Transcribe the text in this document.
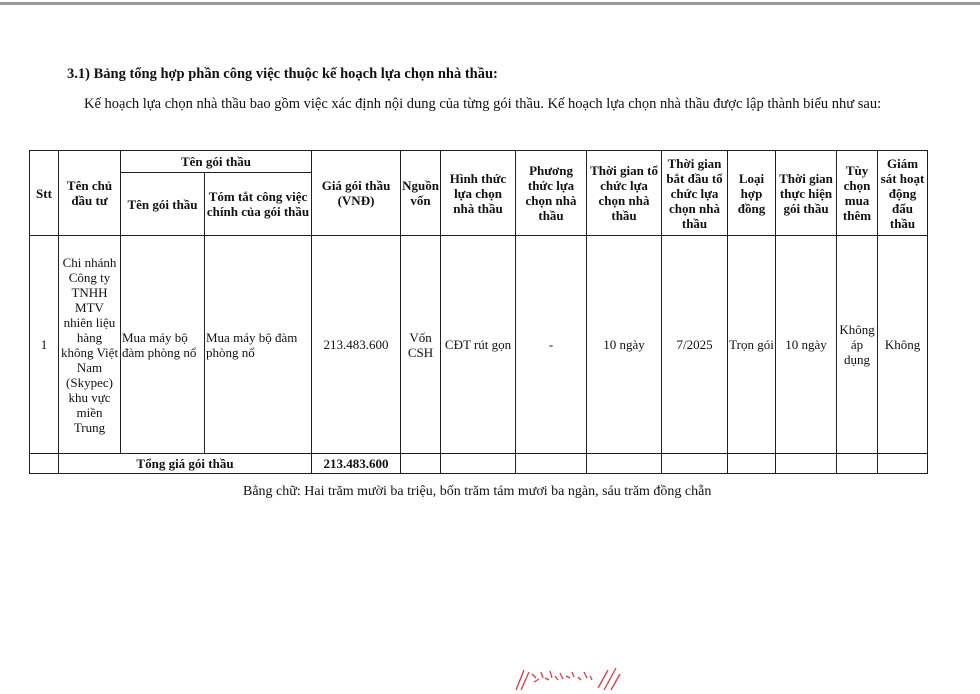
3.1) Bảng tổng hợp phần công việc thuộc kế hoạch lựa chọn nhà thầu:
Kế hoạch lựa chọn nhà thầu bao gồm việc xác định nội dung của từng gói thầu. Kế hoạch lựa chọn nhà thầu được lập thành biểu như sau:
Stt	Tên chủ đầu tư	Tên gói thầu		Giá gói thầu (VNĐ)	Nguồn vốn	Hình thức lựa chọn nhà thầu	Phương thức lựa chọn nhà thầu	Thời gian tổ chức lựa chọn nhà thầu	Thời gian bắt đầu tổ chức lựa chọn nhà thầu	Loại hợp đồng	Thời gian thực hiện gói thầu	Tùy chọn mua thêm	Giám sát hoạt động đấu thầu
		Tên gói thầu	Tóm tắt công việc chính của gói thầu										
1	Chi nhánh Công ty TNHH MTV nhiên liệu hàng không Việt Nam (Skypec) khu vực miền Trung	Mua máy bộ đàm phòng nổ	Mua máy bộ đàm phòng nổ	213.483.600	Vốn CSH	CĐT rút gọn	-	10 ngày	7/2025	Trọn gói	10 ngày	Không áp dụng	Không
	Tổng giá gói thầu			213.483.600									
Bằng chữ: Hai trăm mười ba triệu, bốn trăm tám mươi ba ngàn, sáu trăm đồng chẵn
